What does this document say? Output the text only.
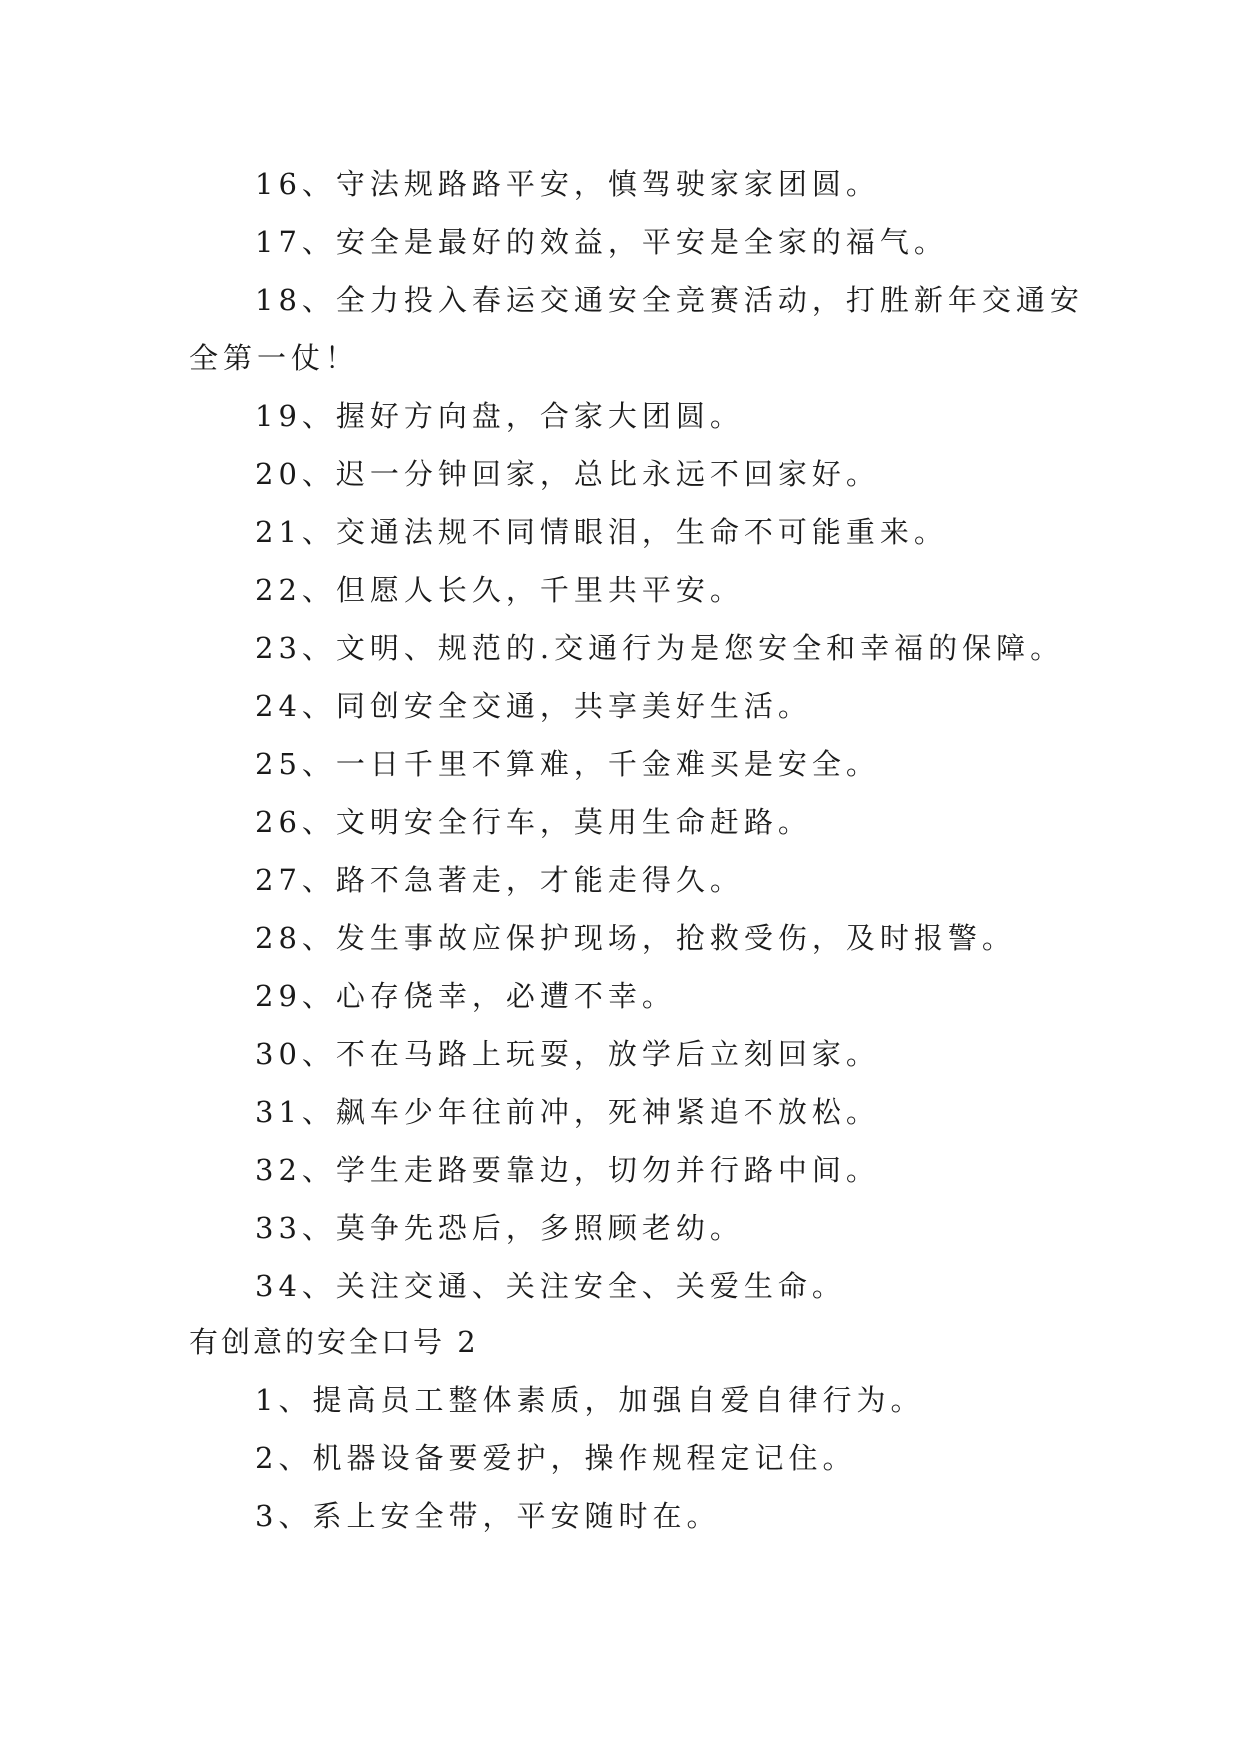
16、守法规路路平安，慎驾驶家家团圆。
17、安全是最好的效益，平安是全家的福气。
18、全力投入春运交通安全竞赛活动，打胜新年交通安
全第一仗！
19、握好方向盘，合家大团圆。
20、迟一分钟回家，总比永远不回家好。
21、交通法规不同情眼泪，生命不可能重来。
22、但愿人长久，千里共平安。
23、文明、规范的.交通行为是您安全和幸福的保障。
24、同创安全交通，共享美好生活。
25、一日千里不算难，千金难买是安全。
26、文明安全行车，莫用生命赶路。
27、路不急著走，才能走得久。
28、发生事故应保护现场，抢救受伤，及时报警。
29、心存侥幸，必遭不幸。
30、不在马路上玩耍，放学后立刻回家。
31、飙车少年往前冲，死神紧追不放松。
32、学生走路要靠边，切勿并行路中间。
33、莫争先恐后，多照顾老幼。
34、关注交通、关注安全、关爱生命。
有创意的安全口号 2
1、提高员工整体素质，加强自爱自律行为。
2、机器设备要爱护，操作规程定记住。
3、系上安全带，平安随时在。
